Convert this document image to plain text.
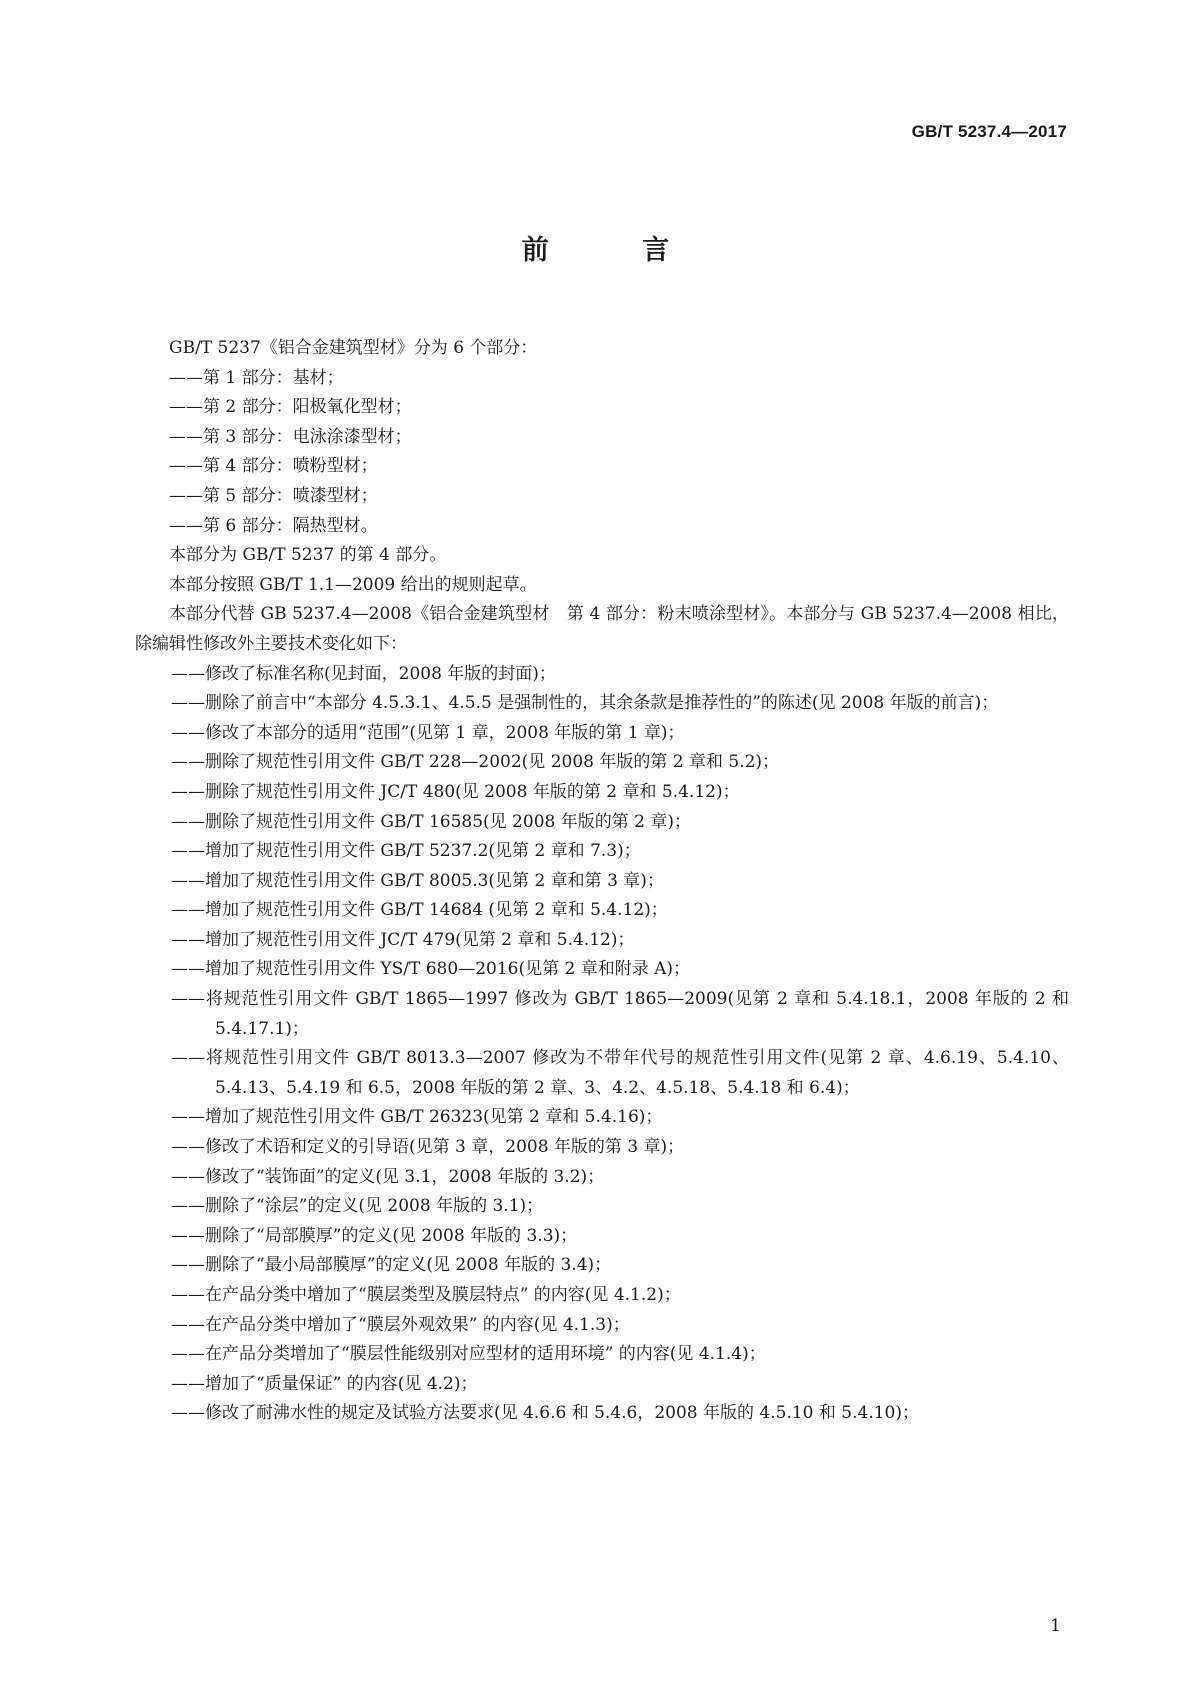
GB/T 5237.4—2017
前 言

GB/T 5237《铝合金建筑型材》分为 6 个部分：

——第 1 部分：基材；

——第 2 部分：阳极氧化型材；

——第 3 部分：电泳涂漆型材；

——第 4 部分：喷粉型材；

——第 5 部分：喷漆型材；

——第 6 部分：隔热型材。

本部分为 GB/T 5237 的第 4 部分。

本部分按照 GB/T 1.1—2009 给出的规则起草。

本部分代替 GB 5237.4—2008《铝合金建筑型材　第 4 部分：粉末喷涂型材》。本部分与 GB 5237.4—2008 相比，除编辑性修改外主要技术变化如下：

——修改了标准名称(见封面，2008 年版的封面)；

——删除了前言中“本部分 4.5.3.1、4.5.5 是强制性的，其余条款是推荐性的”的陈述(见 2008 年版的前言)；

——修改了本部分的适用“范围”(见第 1 章，2008 年版的第 1 章)；

——删除了规范性引用文件 GB/T 228—2002(见 2008 年版的第 2 章和 5.2)；

——删除了规范性引用文件 JC/T 480(见 2008 年版的第 2 章和 5.4.12)；

——删除了规范性引用文件 GB/T 16585(见 2008 年版的第 2 章)；

——增加了规范性引用文件 GB/T 5237.2(见第 2 章和 7.3)；

——增加了规范性引用文件 GB/T 8005.3(见第 2 章和第 3 章)；

——增加了规范性引用文件 GB/T 14684 (见第 2 章和 5.4.12)；

——增加了规范性引用文件 JC/T 479(见第 2 章和 5.4.12)；

——增加了规范性引用文件 YS/T 680—2016(见第 2 章和附录 A)；

——将规范性引用文件 GB/T 1865—1997 修改为 GB/T 1865—2009(见第 2 章和 5.4.18.1，2008 年版的 2 和 5.4.17.1)；

——将规范性引用文件 GB/T 8013.3—2007 修改为不带年代号的规范性引用文件(见第 2 章、4.6.19、5.4.10、5.4.13、5.4.19 和 6.5，2008 年版的第 2 章、3、4.2、4.5.18、5.4.18 和 6.4)；

——增加了规范性引用文件 GB/T 26323(见第 2 章和 5.4.16)；

——修改了术语和定义的引导语(见第 3 章，2008 年版的第 3 章)；

——修改了“装饰面”的定义(见 3.1，2008 年版的 3.2)；

——删除了“涂层”的定义(见 2008 年版的 3.1)；

——删除了“局部膜厚”的定义(见 2008 年版的 3.3)；

——删除了“最小局部膜厚”的定义(见 2008 年版的 3.4)；

——在产品分类中增加了“膜层类型及膜层特点” 的内容(见 4.1.2)；

——在产品分类中增加了“膜层外观效果” 的内容(见 4.1.3)；

——在产品分类增加了“膜层性能级别对应型材的适用环境” 的内容(见 4.1.4)；

——增加了“质量保证” 的内容(见 4.2)；

——修改了耐沸水性的规定及试验方法要求(见 4.6.6 和 5.4.6，2008 年版的 4.5.10 和 5.4.10)；

1
